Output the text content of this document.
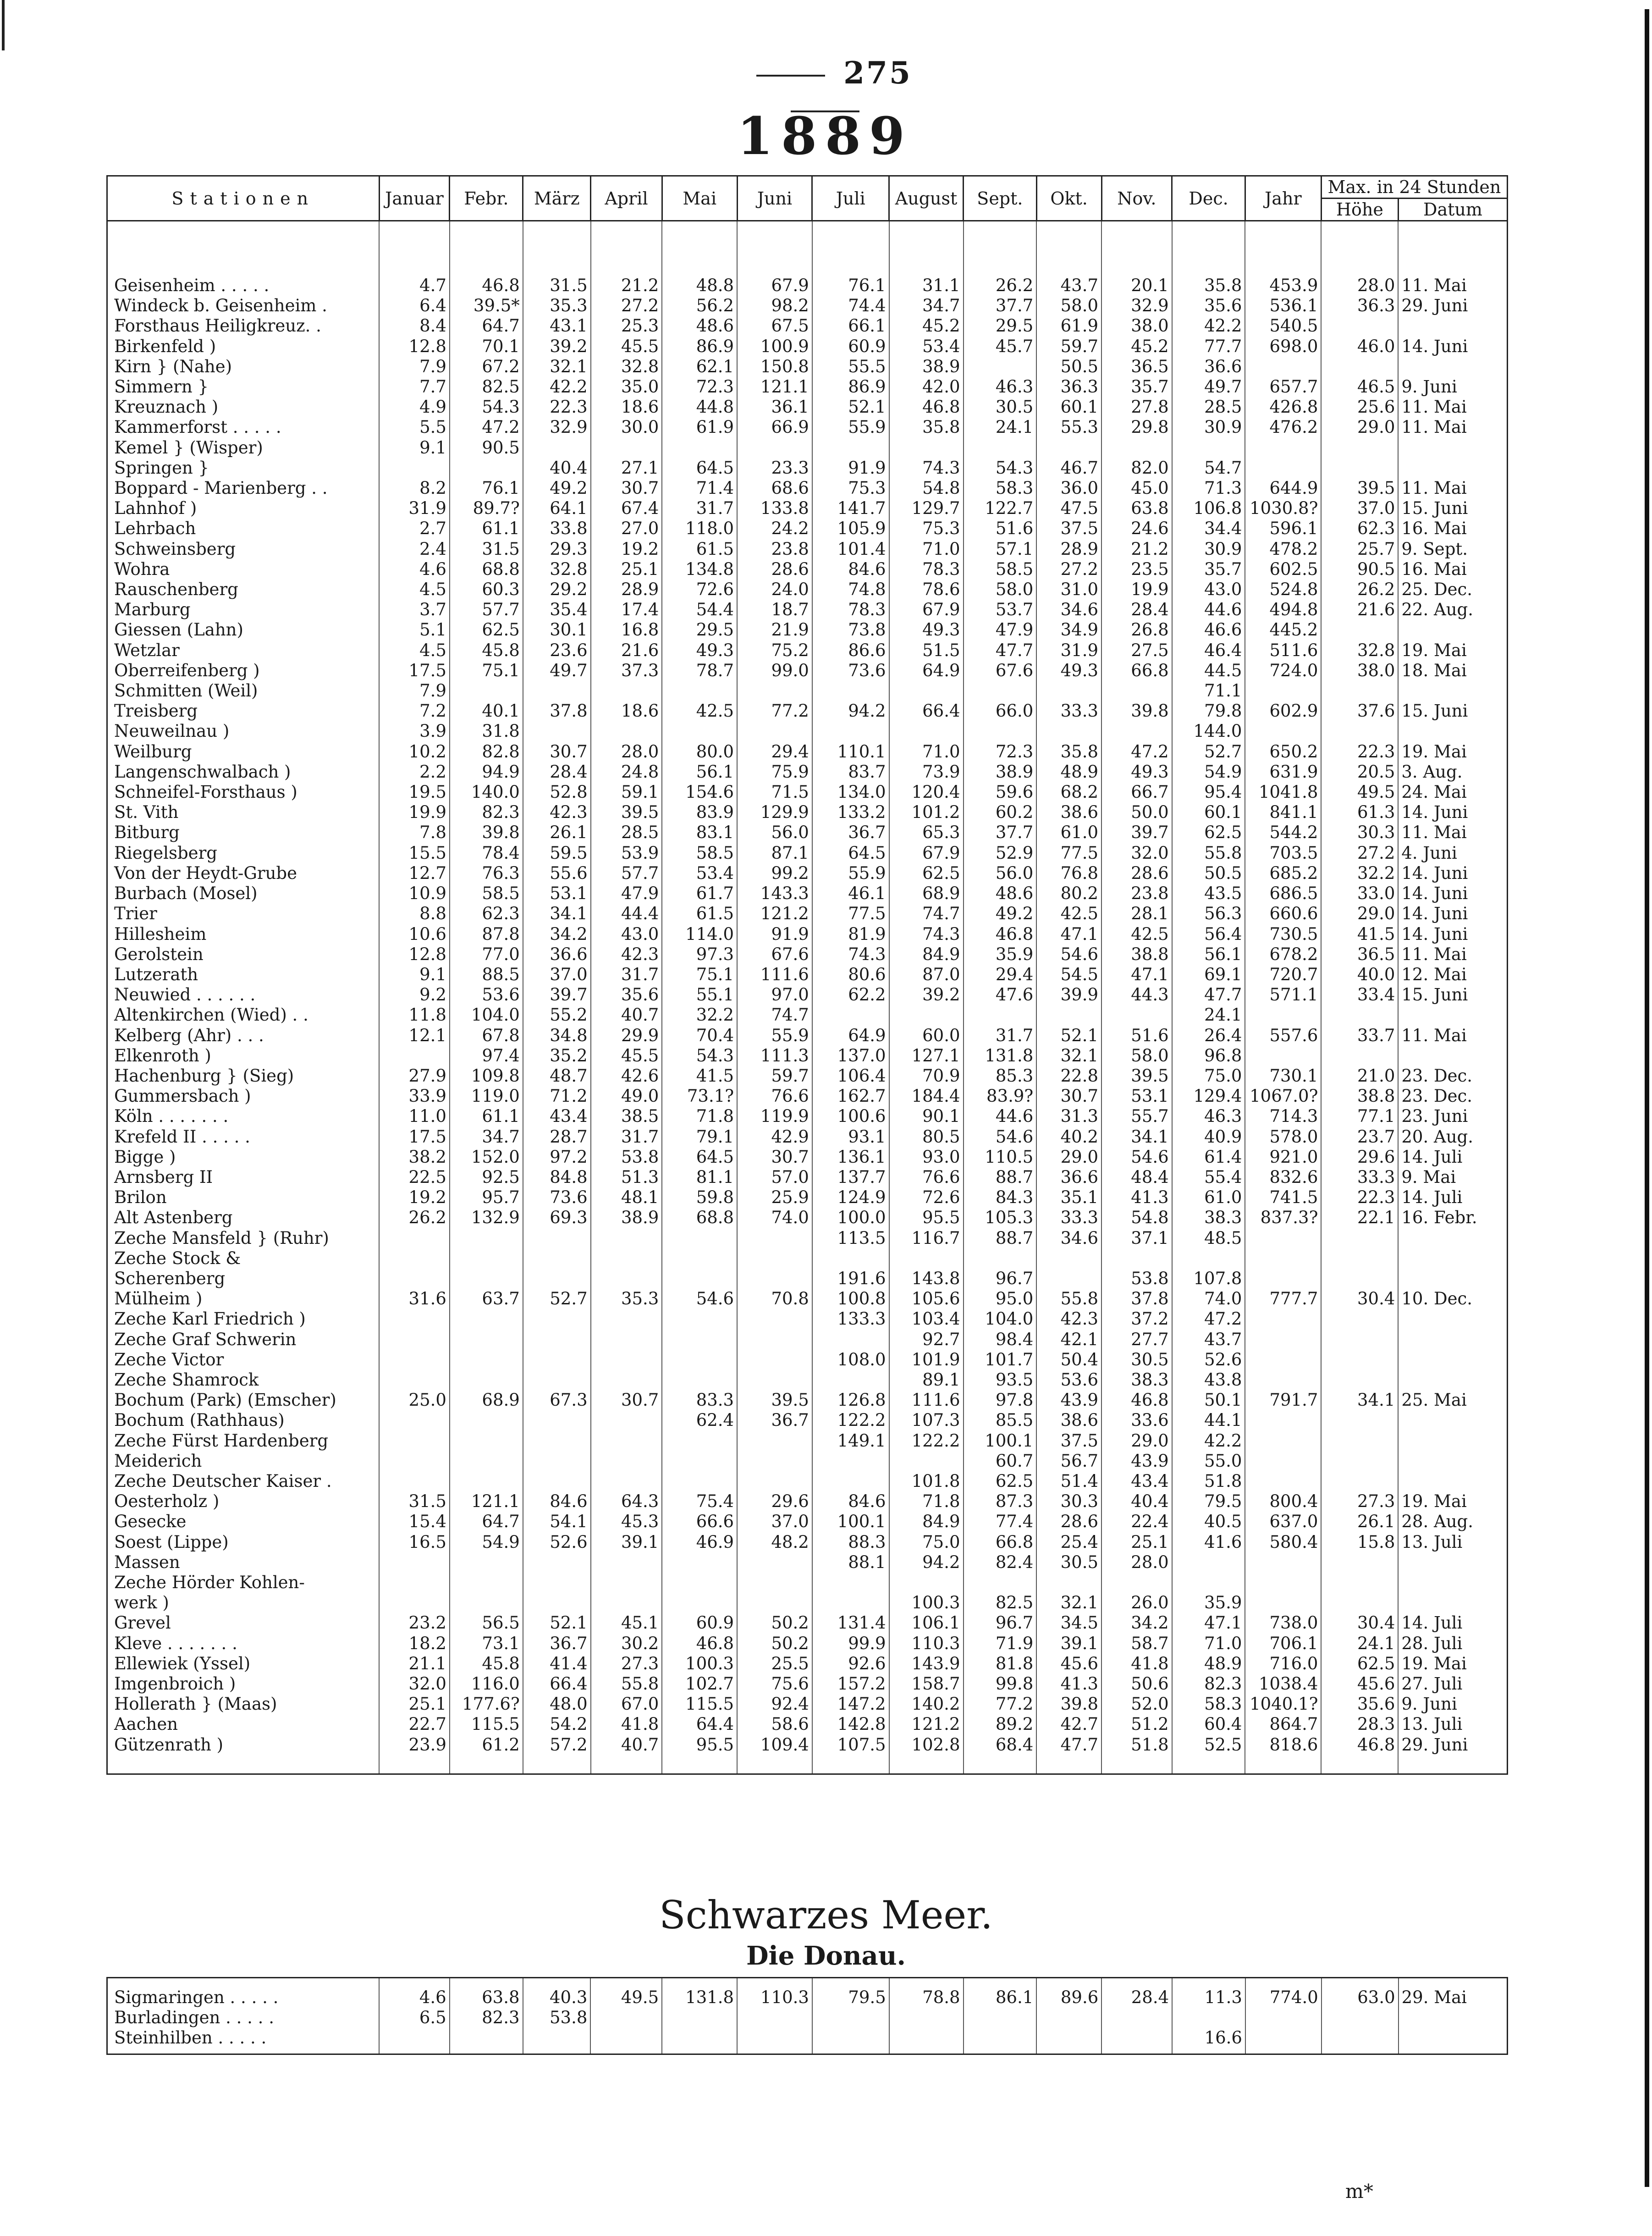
275
1889
Stationen	Januar	Febr.	März	April	Mai	Juni	Juli	August	Sept.	Okt.	Nov.	Dec.	Jahr	Max. in 24 Stunden	
														Höhe	Datum
Geisenheim . . . . .	4.7	46.8	31.5	21.2	48.8	67.9	76.1	31.1	26.2	43.7	20.1	35.8	453.9	28.0	11. Mai
Windeck b. Geisenheim .	6.4	39.5*	35.3	27.2	56.2	98.2	74.4	34.7	37.7	58.0	32.9	35.6	536.1	36.3	29. Juni
Forsthaus Heiligkreuz. .	8.4	64.7	43.1	25.3	48.6	67.5	66.1	45.2	29.5	61.9	38.0	42.2	540.5		
Birkenfeld )	12.8	70.1	39.2	45.5	86.9	100.9	60.9	53.4	45.7	59.7	45.2	77.7	698.0	46.0	14. Juni
Kirn } (Nahe)	7.9	67.2	32.1	32.8	62.1	150.8	55.5	38.9		50.5	36.5	36.6			
Simmern }	7.7	82.5	42.2	35.0	72.3	121.1	86.9	42.0	46.3	36.3	35.7	49.7	657.7	46.5	9. Juni
Kreuznach )	4.9	54.3	22.3	18.6	44.8	36.1	52.1	46.8	30.5	60.1	27.8	28.5	426.8	25.6	11. Mai
Kammerforst . . . . .	5.5	47.2	32.9	30.0	61.9	66.9	55.9	35.8	24.1	55.3	29.8	30.9	476.2	29.0	11. Mai
Kemel } (Wisper)	9.1	90.5													
Springen }			40.4	27.1	64.5	23.3	91.9	74.3	54.3	46.7	82.0	54.7			
Boppard - Marienberg . .	8.2	76.1	49.2	30.7	71.4	68.6	75.3	54.8	58.3	36.0	45.0	71.3	644.9	39.5	11. Mai
Lahnhof )	31.9	89.7?	64.1	67.4	31.7	133.8	141.7	129.7	122.7	47.5	63.8	106.8	1030.8?	37.0	15. Juni
Lehrbach	2.7	61.1	33.8	27.0	118.0	24.2	105.9	75.3	51.6	37.5	24.6	34.4	596.1	62.3	16. Mai
Schweinsberg	2.4	31.5	29.3	19.2	61.5	23.8	101.4	71.0	57.1	28.9	21.2	30.9	478.2	25.7	9. Sept.
Wohra	4.6	68.8	32.8	25.1	134.8	28.6	84.6	78.3	58.5	27.2	23.5	35.7	602.5	90.5	16. Mai
Rauschenberg	4.5	60.3	29.2	28.9	72.6	24.0	74.8	78.6	58.0	31.0	19.9	43.0	524.8	26.2	25. Dec.
Marburg	3.7	57.7	35.4	17.4	54.4	18.7	78.3	67.9	53.7	34.6	28.4	44.6	494.8	21.6	22. Aug.
Giessen (Lahn)	5.1	62.5	30.1	16.8	29.5	21.9	73.8	49.3	47.9	34.9	26.8	46.6	445.2		
Wetzlar	4.5	45.8	23.6	21.6	49.3	75.2	86.6	51.5	47.7	31.9	27.5	46.4	511.6	32.8	19. Mai
Oberreifenberg )	17.5	75.1	49.7	37.3	78.7	99.0	73.6	64.9	67.6	49.3	66.8	44.5	724.0	38.0	18. Mai
Schmitten (Weil)	7.9											71.1			
Treisberg	7.2	40.1	37.8	18.6	42.5	77.2	94.2	66.4	66.0	33.3	39.8	79.8	602.9	37.6	15. Juni
Neuweilnau )	3.9	31.8										144.0			
Weilburg	10.2	82.8	30.7	28.0	80.0	29.4	110.1	71.0	72.3	35.8	47.2	52.7	650.2	22.3	19. Mai
Langenschwalbach )	2.2	94.9	28.4	24.8	56.1	75.9	83.7	73.9	38.9	48.9	49.3	54.9	631.9	20.5	3. Aug.
Schneifel-Forsthaus )	19.5	140.0	52.8	59.1	154.6	71.5	134.0	120.4	59.6	68.2	66.7	95.4	1041.8	49.5	24. Mai
St. Vith	19.9	82.3	42.3	39.5	83.9	129.9	133.2	101.2	60.2	38.6	50.0	60.1	841.1	61.3	14. Juni
Bitburg	7.8	39.8	26.1	28.5	83.1	56.0	36.7	65.3	37.7	61.0	39.7	62.5	544.2	30.3	11. Mai
Riegelsberg	15.5	78.4	59.5	53.9	58.5	87.1	64.5	67.9	52.9	77.5	32.0	55.8	703.5	27.2	4. Juni
Von der Heydt-Grube	12.7	76.3	55.6	57.7	53.4	99.2	55.9	62.5	56.0	76.8	28.6	50.5	685.2	32.2	14. Juni
Burbach (Mosel)	10.9	58.5	53.1	47.9	61.7	143.3	46.1	68.9	48.6	80.2	23.8	43.5	686.5	33.0	14. Juni
Trier	8.8	62.3	34.1	44.4	61.5	121.2	77.5	74.7	49.2	42.5	28.1	56.3	660.6	29.0	14. Juni
Hillesheim	10.6	87.8	34.2	43.0	114.0	91.9	81.9	74.3	46.8	47.1	42.5	56.4	730.5	41.5	14. Juni
Gerolstein	12.8	77.0	36.6	42.3	97.3	67.6	74.3	84.9	35.9	54.6	38.8	56.1	678.2	36.5	11. Mai
Lutzerath	9.1	88.5	37.0	31.7	75.1	111.6	80.6	87.0	29.4	54.5	47.1	69.1	720.7	40.0	12. Mai
Neuwied . . . . . .	9.2	53.6	39.7	35.6	55.1	97.0	62.2	39.2	47.6	39.9	44.3	47.7	571.1	33.4	15. Juni
Altenkirchen (Wied) . .	11.8	104.0	55.2	40.7	32.2	74.7						24.1			
Kelberg (Ahr) . . .	12.1	67.8	34.8	29.9	70.4	55.9	64.9	60.0	31.7	52.1	51.6	26.4	557.6	33.7	11. Mai
Elkenroth )		97.4	35.2	45.5	54.3	111.3	137.0	127.1	131.8	32.1	58.0	96.8			
Hachenburg } (Sieg)	27.9	109.8	48.7	42.6	41.5	59.7	106.4	70.9	85.3	22.8	39.5	75.0	730.1	21.0	23. Dec.
Gummersbach )	33.9	119.0	71.2	49.0	73.1?	76.6	162.7	184.4	83.9?	30.7	53.1	129.4	1067.0?	38.8	23. Dec.
Köln . . . . . . .	11.0	61.1	43.4	38.5	71.8	119.9	100.6	90.1	44.6	31.3	55.7	46.3	714.3	77.1	23. Juni
Krefeld II . . . . .	17.5	34.7	28.7	31.7	79.1	42.9	93.1	80.5	54.6	40.2	34.1	40.9	578.0	23.7	20. Aug.
Bigge )	38.2	152.0	97.2	53.8	64.5	30.7	136.1	93.0	110.5	29.0	54.6	61.4	921.0	29.6	14. Juli
Arnsberg II	22.5	92.5	84.8	51.3	81.1	57.0	137.7	76.6	88.7	36.6	48.4	55.4	832.6	33.3	9. Mai
Brilon	19.2	95.7	73.6	48.1	59.8	25.9	124.9	72.6	84.3	35.1	41.3	61.0	741.5	22.3	14. Juli
Alt Astenberg	26.2	132.9	69.3	38.9	68.8	74.0	100.0	95.5	105.3	33.3	54.8	38.3	837.3?	22.1	16. Febr.
Zeche Mansfeld } (Ruhr)							113.5	116.7	88.7	34.6	37.1	48.5			
Zeche Stock &															
Scherenberg							191.6	143.8	96.7		53.8	107.8			
Mülheim )	31.6	63.7	52.7	35.3	54.6	70.8	100.8	105.6	95.0	55.8	37.8	74.0	777.7	30.4	10. Dec.
Zeche Karl Friedrich )							133.3	103.4	104.0	42.3	37.2	47.2			
Zeche Graf Schwerin								92.7	98.4	42.1	27.7	43.7			
Zeche Victor							108.0	101.9	101.7	50.4	30.5	52.6			
Zeche Shamrock								89.1	93.5	53.6	38.3	43.8			
Bochum (Park) (Emscher)	25.0	68.9	67.3	30.7	83.3	39.5	126.8	111.6	97.8	43.9	46.8	50.1	791.7	34.1	25. Mai
Bochum (Rathhaus)					62.4	36.7	122.2	107.3	85.5	38.6	33.6	44.1			
Zeche Fürst Hardenberg							149.1	122.2	100.1	37.5	29.0	42.2			
Meiderich									60.7	56.7	43.9	55.0			
Zeche Deutscher Kaiser .								101.8	62.5	51.4	43.4	51.8			
Oesterholz )	31.5	121.1	84.6	64.3	75.4	29.6	84.6	71.8	87.3	30.3	40.4	79.5	800.4	27.3	19. Mai
Gesecke	15.4	64.7	54.1	45.3	66.6	37.0	100.1	84.9	77.4	28.6	22.4	40.5	637.0	26.1	28. Aug.
Soest (Lippe)	16.5	54.9	52.6	39.1	46.9	48.2	88.3	75.0	66.8	25.4	25.1	41.6	580.4	15.8	13. Juli
Massen							88.1	94.2	82.4	30.5	28.0				
Zeche Hörder Kohlen-															
werk )								100.3	82.5	32.1	26.0	35.9			
Grevel	23.2	56.5	52.1	45.1	60.9	50.2	131.4	106.1	96.7	34.5	34.2	47.1	738.0	30.4	14. Juli
Kleve . . . . . . .	18.2	73.1	36.7	30.2	46.8	50.2	99.9	110.3	71.9	39.1	58.7	71.0	706.1	24.1	28. Juli
Ellewiek (Yssel)	21.1	45.8	41.4	27.3	100.3	25.5	92.6	143.9	81.8	45.6	41.8	48.9	716.0	62.5	19. Mai
Imgenbroich )	32.0	116.0	66.4	55.8	102.7	75.6	157.2	158.7	99.8	41.3	50.6	82.3	1038.4	45.6	27. Juli
Hollerath } (Maas)	25.1	177.6?	48.0	67.0	115.5	92.4	147.2	140.2	77.2	39.8	52.0	58.3	1040.1?	35.6	9. Juni
Aachen	22.7	115.5	54.2	41.8	64.4	58.6	142.8	121.2	89.2	42.7	51.2	60.4	864.7	28.3	13. Juli
Gützenrath )	23.9	61.2	57.2	40.7	95.5	109.4	107.5	102.8	68.4	47.7	51.8	52.5	818.6	46.8	29. Juni
Schwarzes Meer.
Die Donau.
Sigmaringen . . . . .	4.6	63.8	40.3	49.5	131.8	110.3	79.5	78.8	86.1	89.6	28.4	11.3	774.0	63.0	29. Mai
Burladingen . . . . .	6.5	82.3	53.8												
Steinhilben . . . . .												16.6			
m*
